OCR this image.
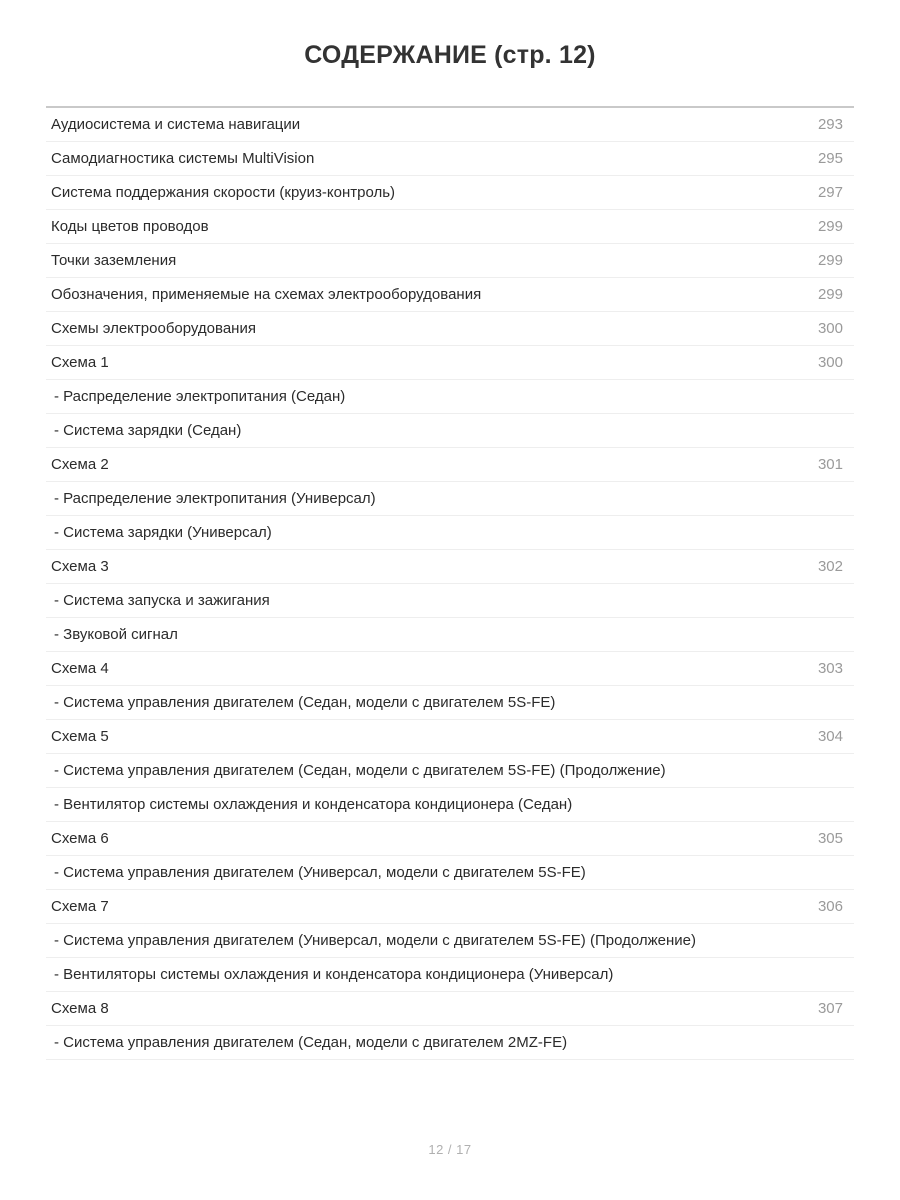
СОДЕРЖАНИЕ (стр. 12)
Аудиосистема и система навигации	293
Самодиагностика системы MultiVision	295
Система поддержания скорости (круиз-контроль)	297
Коды цветов проводов	299
Точки заземления	299
Обозначения, применяемые на схемах электрооборудования	299
Схемы электрооборудования	300
Схема 1	300
- Распределение электропитания (Седан)
- Система зарядки (Седан)
Схема 2	301
- Распределение электропитания (Универсал)
- Система зарядки (Универсал)
Схема 3	302
- Система запуска и зажигания
- Звуковой сигнал
Схема 4	303
- Система управления двигателем (Седан, модели с двигателем 5S-FE)
Схема 5	304
- Система управления двигателем (Седан, модели с двигателем 5S-FE) (Продолжение)
- Вентилятор системы охлаждения и конденсатора кондиционера (Седан)
Схема 6	305
- Система управления двигателем (Универсал, модели с двигателем 5S-FE)
Схема 7	306
- Система управления двигателем (Универсал, модели с двигателем 5S-FE) (Продолжение)
- Вентиляторы системы охлаждения и конденсатора кондиционера (Универсал)
Схема 8	307
- Система управления двигателем (Седан, модели с двигателем 2MZ-FE)
12 / 17
